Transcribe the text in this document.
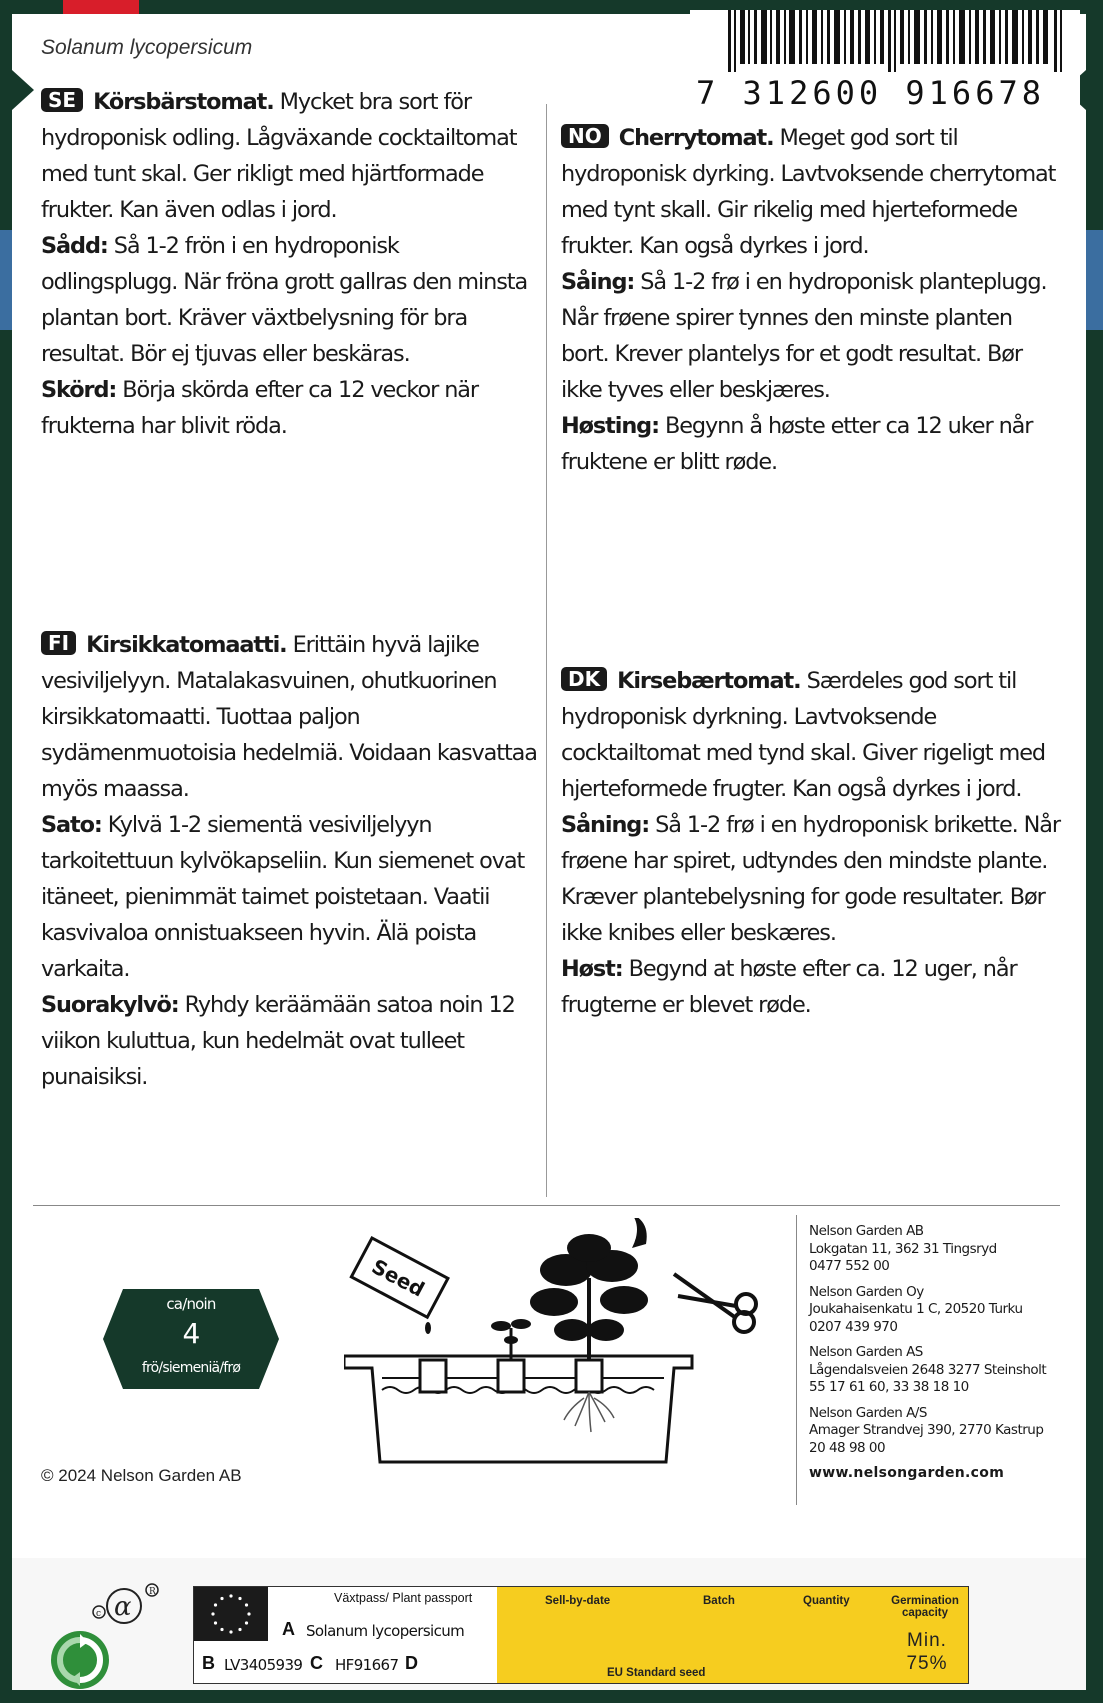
Solanum lycopersicum
7 312600 916678

SE Körsbärstomat. Mycket bra sort för hydroponisk odling. Lågväxande cocktailtomat med tunt skal. Ger rikligt med hjärtformade frukter. Kan även odlas i jord.

Sådd: Så 1-2 frön i en hydroponisk odlingsplugg. När fröna grott gallras den minsta plantan bort. Kräver växtbelysning för bra resultat. Bör ej tjuvas eller beskäras.

Skörd: Börja skörda efter ca 12 veckor när frukterna har blivit röda.

NO Cherrytomat. Meget god sort til hydroponisk dyrking. Lavtvoksende cherrytomat med tynt skall. Gir rikelig med hjerteformede frukter. Kan også dyrkes i jord.

Såing: Så 1-2 frø i en hydroponisk planteplugg. Når frøene spirer tynnes den minste planten bort. Krever plantelys for et godt resultat. Bør ikke tyves eller beskjæres.

Høsting: Begynn å høste etter ca 12 uker når fruktene er blitt røde.

FI Kirsikkatomaatti. Erittäin hyvä lajike vesiviljelyyn. Matalakasvuinen, ohutkuorinen kirsikkatomaatti. Tuottaa paljon sydämenmuotoisia hedelmiä. Voidaan kasvattaa myös maassa.

Sato: Kylvä 1-2 siementä vesiviljelyyn tarkoitettuun kylvökapseliin. Kun siemenet ovat itäneet, pienimmät taimet poistetaan. Vaatii kasvivaloa onnistuakseen hyvin. Älä poista varkaita.

Suorakylvö: Ryhdy keräämään satoa noin 12 viikon kuluttua, kun hedelmät ovat tulleet punaisiksi.

DK Kirsebærtomat. Særdeles god sort til hydroponisk dyrkning. Lavtvoksende cocktailtomat med tynd skal. Giver rigeligt med hjerteformede frugter. Kan også dyrkes i jord.

Såning: Så 1-2 frø i en hydroponisk brikette. Når frøene har spiret, udtyndes den mindste plante. Kræver plantebelysning for gode resultater. Bør ikke knibes eller beskæres.

Høst: Begynd at høste efter ca. 12 uger, når frugterne er blevet røde.

ca/noin
4
frö/siemeniä/frø
© 2024 Nelson Garden AB
Seed
Nelson Garden AB
Lokgatan 11, 362 31 Tingsryd
0477 552 00
Nelson Garden Oy
Joukahaisenkatu 1 C, 20520 Turku
0207 439 970
Nelson Garden AS
Lågendalsveien 2648 3277 Steinsholt
55 17 61 60, 33 38 18 10
Nelson Garden A/S
Amager Strandvej 390, 2770 Kastrup
20 48 98 00
www.nelsongarden.com
c α R	Växtpass/ Plant passport
A Solanum lycopersicum
B LV3405939 C HF91667 D
Sell-by-date	Batch	Quantity	Germination
capacity
Min.
75%
EU Standard seed
